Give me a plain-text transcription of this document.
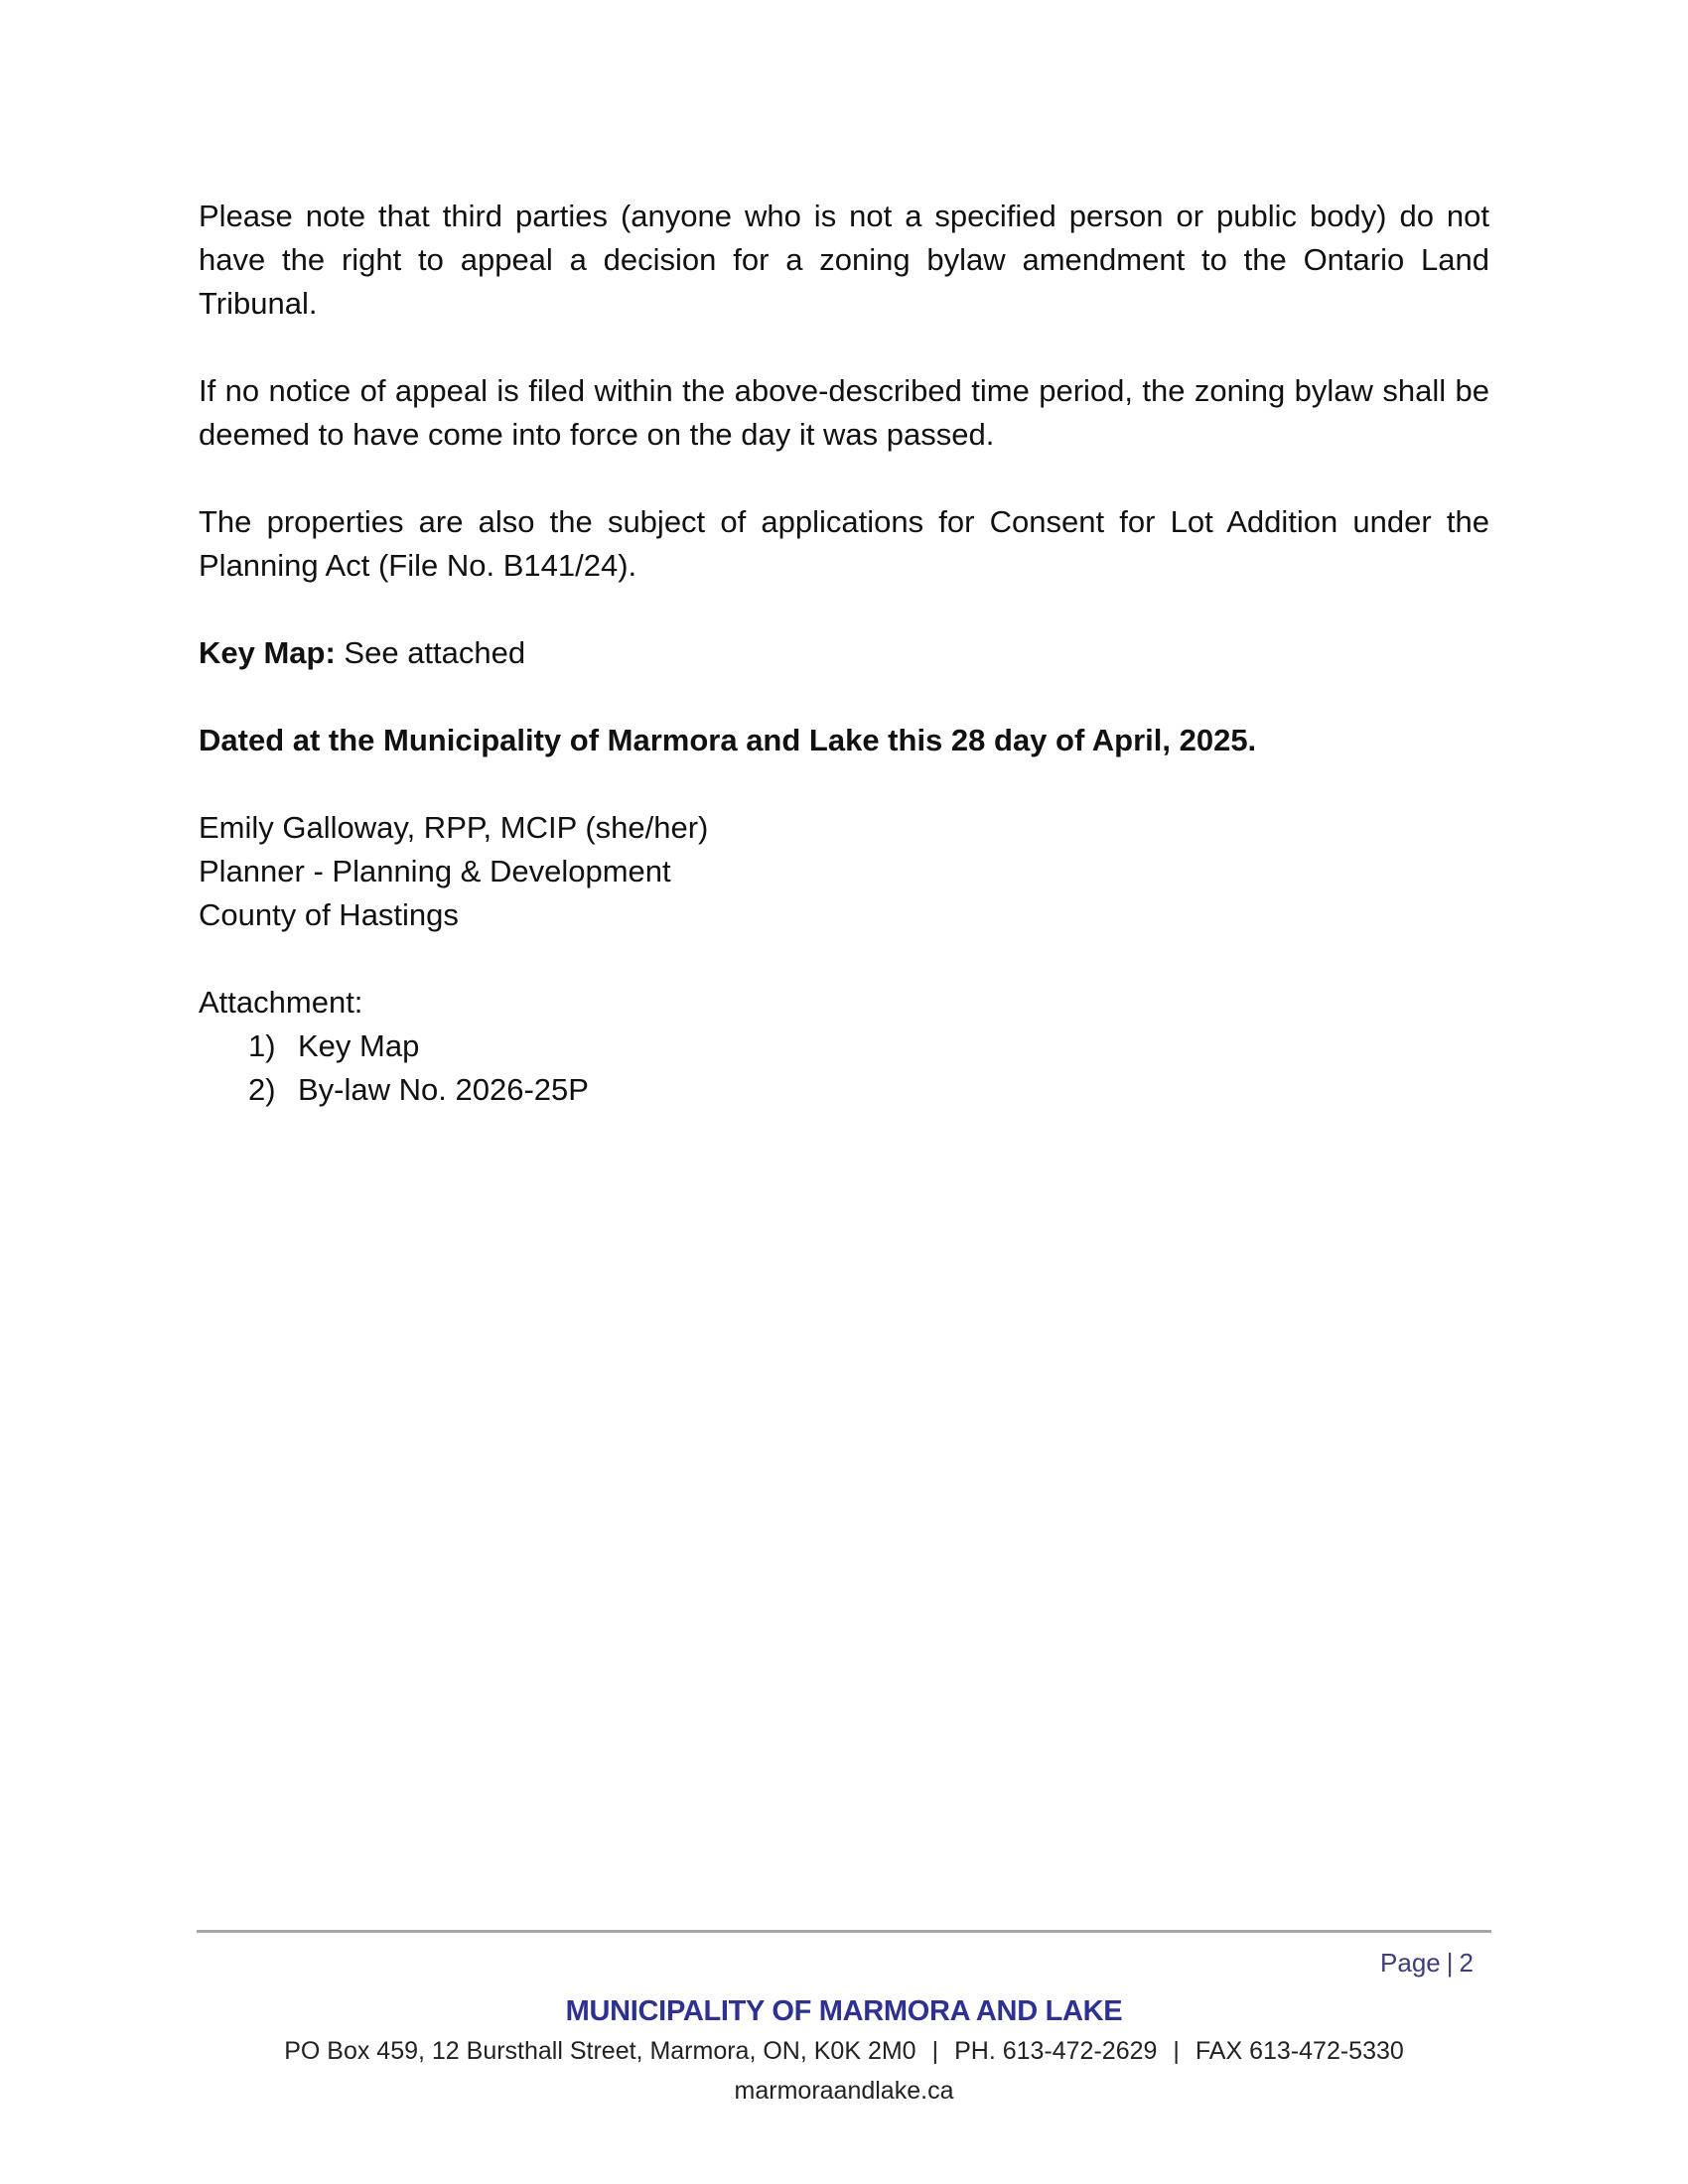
Please note that third parties (anyone who is not a specified person or public body) do not have the right to appeal a decision for a zoning bylaw amendment to the Ontario Land Tribunal.

If no notice of appeal is filed within the above-described time period, the zoning bylaw shall be deemed to have come into force on the day it was passed.

The properties are also the subject of applications for Consent for Lot Addition under the Planning Act (File No. B141/24).

Key Map: See attached

Dated at the Municipality of Marmora and Lake this 28 day of April, 2025.

Emily Galloway, RPP, MCIP (she/her)
Planner - Planning & Development
County of Hastings

Attachment:
1) Key Map
2) By-law No. 2026-25P
Page | 2
MUNICIPALITY OF MARMORA AND LAKE
PO Box 459, 12 Bursthall Street, Marmora, ON, K0K 2M0 | PH. 613-472-2629 | FAX 613-472-5330
marmoraandlake.ca
